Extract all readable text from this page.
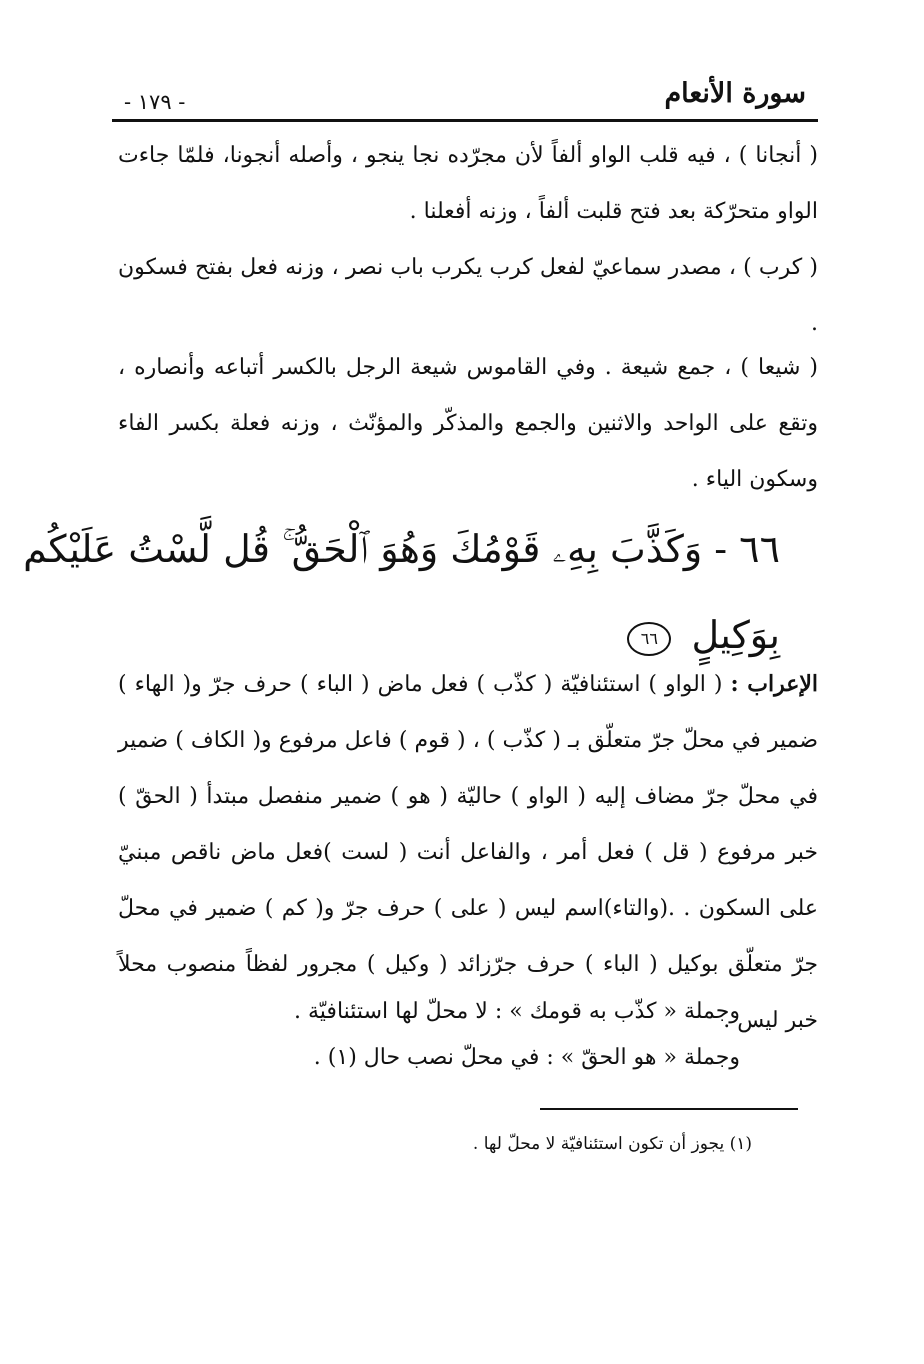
- ١٧٩ -	سورة الأنعام

( أنجانا ) ، فيه قلب الواو ألفاً لأن مجرّده نجا ينجو ، وأصله أنجونا، فلمّا جاءت الواو متحرّكة بعد فتح قلبت ألفاً ، وزنه أفعلنا .

( كرب ) ، مصدر سماعيّ لفعل كرب يكرب باب نصر ، وزنه فعل بفتح فسكون .

( شيعا ) ، جمع شيعة . وفي القاموس شيعة الرجل بالكسر أتباعه وأنصاره ، وتقع على الواحد والاثنين والجمع والمذكّر والمؤنّث ، وزنه فعلة بكسر الفاء وسكون الياء .

٦٦ - وَكَذَّبَ بِهِۦ قَوْمُكَ وَهُوَ ٱلْحَقُّ ۚ قُل لَّسْتُ عَلَيْكُم
بِوَكِيلٍ ٦٦

الإعراب : ( الواو ) استئنافيّة ( كذّب ) فعل ماض ( الباء ) حرف جرّ و( الهاء ) ضمير في محلّ جرّ متعلّق بـ ( كذّب ) ، ( قوم ) فاعل مرفوع و( الكاف ) ضمير في محلّ جرّ مضاف إليه ( الواو ) حاليّة ( هو ) ضمير منفصل مبتدأ ( الحقّ ) خبر مرفوع ( قل ) فعل أمر ، والفاعل أنت ( لست )فعل ماض ناقص مبنيّ على السكون . .(والتاء)اسم ليس ( على ) حرف جرّ و( كم ) ضمير في محلّ جرّ متعلّق بوكيل ( الباء ) حرف جرّزائد ( وكيل ) مجرور لفظاً منصوب محلاً خبر ليس .

وجملة « كذّب به قومك » : لا محلّ لها استئنافيّة .
وجملة « هو الحقّ » : في محلّ نصب حال (١) .
(١) يجوز أن تكون استئنافيّة لا محلّ لها .
